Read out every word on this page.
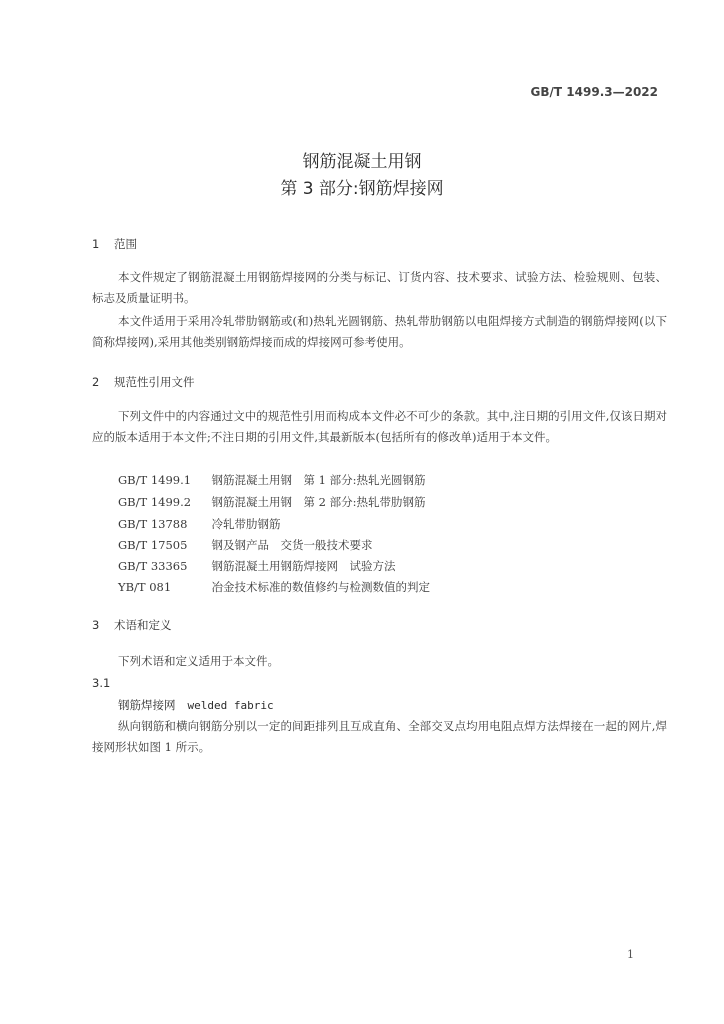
GB/T 1499.3—2022
钢筋混凝土用钢
第 3 部分:钢筋焊接网
1 范围

本文件规定了钢筋混凝土用钢筋焊接网的分类与标记、订货内容、技术要求、试验方法、检验规则、包装、标志及质量证明书。

本文件适用于采用冷轧带肋钢筋或(和)热轧光圆钢筋、热轧带肋钢筋以电阻焊接方式制造的钢筋焊接网(以下简称焊接网),采用其他类别钢筋焊接而成的焊接网可参考使用。

2 规范性引用文件

下列文件中的内容通过文中的规范性引用而构成本文件必不可少的条款。其中,注日期的引用文件,仅该日期对应的版本适用于本文件;不注日期的引用文件,其最新版本(包括所有的修改单)适用于本文件。

GB/T 1499.1　 钢筋混凝土用钢　第 1 部分:热轧光圆钢筋
GB/T 1499.2　 钢筋混凝土用钢　第 2 部分:热轧带肋钢筋
GB/T 13788　 冷轧带肋钢筋
GB/T 17505　 钢及钢产品　交货一般技术要求
GB/T 33365　 钢筋混凝土用钢筋焊接网　试验方法
YB/T 081　	冶金技术标准的数值修约与检测数值的判定
3 术语和定义

下列术语和定义适用于本文件。

3.1
钢筋焊接网 welded fabric

纵向钢筋和横向钢筋分别以一定的间距排列且互成直角、全部交叉点均用电阻点焊方法焊接在一起的网片,焊接网形状如图 1 所示。

1
